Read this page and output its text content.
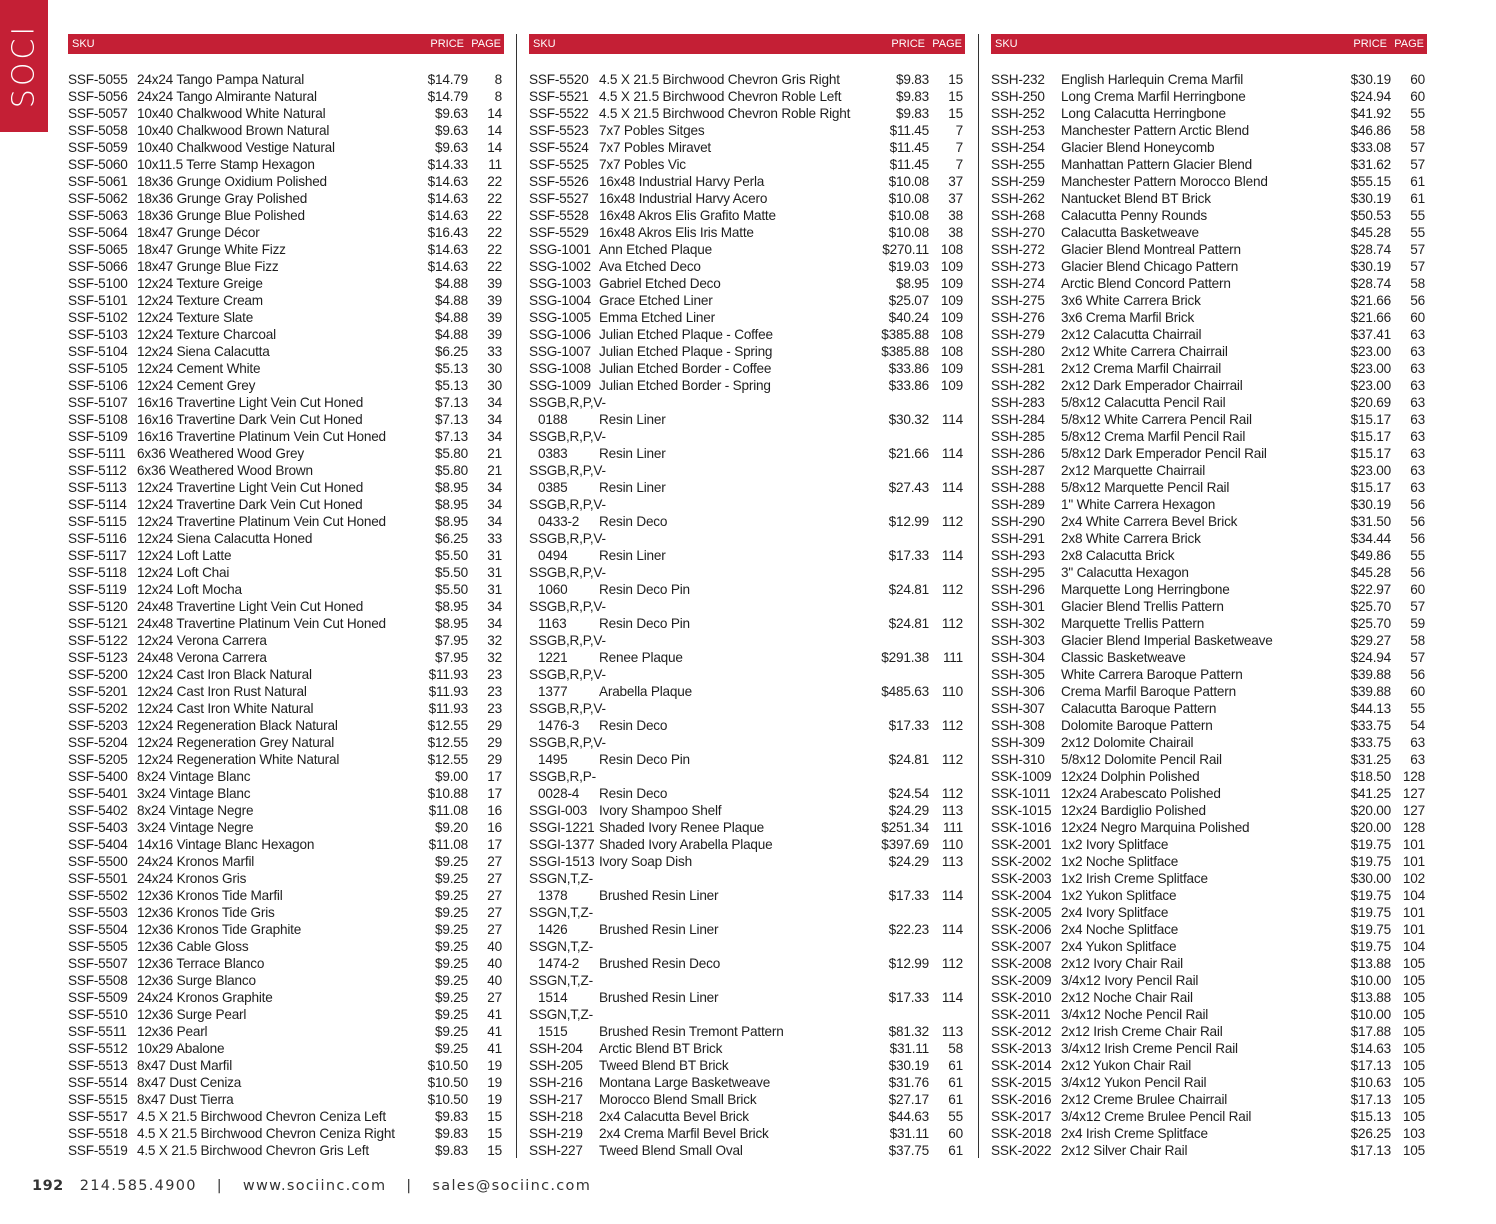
SOCI	SKU	PRICE PAGE
SSF-5055 24x24 Tango Pampa Natural	$14.79 8
SSF-5056 24x24 Tango Almirante Natural	$14.79 8
SSF-5057 10x40 Chalkwood White Natural	$9.63 14
SSF-5058 10x40 Chalkwood Brown Natural	$9.63 14
SSF-5059 10x40 Chalkwood Vestige Natural	$9.63 14
SSF-5060 10x11.5 Terre Stamp Hexagon	$14.33 11
SSF-5061 18x36 Grunge Oxidium Polished	$14.63 22
SSF-5062 18x36 Grunge Gray Polished	$14.63 22
SSF-5063 18x36 Grunge Blue Polished	$14.63 22
SSF-5064 18x47 Grunge Décor	$16.43 22
SSF-5065 18x47 Grunge White Fizz	$14.63 22
SSF-5066 18x47 Grunge Blue Fizz	$14.63 22
SSF-5100 12x24 Texture Greige	$4.88 39
SSF-5101 12x24 Texture Cream	$4.88 39
SSF-5102 12x24 Texture Slate	$4.88 39
SSF-5103 12x24 Texture Charcoal	$4.88 39
SSF-5104 12x24 Siena Calacutta	$6.25 33
SSF-5105 12x24 Cement White	$5.13 30
SSF-5106 12x24 Cement Grey	$5.13 30
SSF-5107 16x16 Travertine Light Vein Cut Honed	$7.13 34
SSF-5108 16x16 Travertine Dark Vein Cut Honed	$7.13 34
SSF-5109 16x16 Travertine Platinum Vein Cut Honed	$7.13 34
SSF-5111 6x36 Weathered Wood Grey	$5.80 21
SSF-5112 6x36 Weathered Wood Brown	$5.80 21
SSF-5113 12x24 Travertine Light Vein Cut Honed	$8.95 34
SSF-5114 12x24 Travertine Dark Vein Cut Honed	$8.95 34
SSF-5115 12x24 Travertine Platinum Vein Cut Honed	$8.95 34
SSF-5116 12x24 Siena Calacutta Honed	$6.25 33
SSF-5117 12x24 Loft Latte	$5.50 31
SSF-5118 12x24 Loft Chai	$5.50 31
SSF-5119 12x24 Loft Mocha	$5.50 31
SSF-5120 24x48 Travertine Light Vein Cut Honed	$8.95 34
SSF-5121 24x48 Travertine Platinum Vein Cut Honed	$8.95 34
SSF-5122 12x24 Verona Carrera	$7.95 32
SSF-5123 24x48 Verona Carrera	$7.95 32
SSF-5200 12x24 Cast Iron Black Natural	$11.93 23
SSF-5201 12x24 Cast Iron Rust Natural	$11.93 23
SSF-5202 12x24 Cast Iron White Natural	$11.93 23
SSF-5203 12x24 Regeneration Black Natural	$12.55 29
SSF-5204 12x24 Regeneration Grey Natural	$12.55 29
SSF-5205 12x24 Regeneration White Natural	$12.55 29
SSF-5400 8x24 Vintage Blanc	$9.00 17
SSF-5401 3x24 Vintage Blanc	$10.88 17
SSF-5402 8x24 Vintage Negre	$11.08 16
SSF-5403 3x24 Vintage Negre	$9.20 16
SSF-5404 14x16 Vintage Blanc Hexagon	$11.08 17
SSF-5500 24x24 Kronos Marfil	$9.25 27
SSF-5501 24x24 Kronos Gris	$9.25 27
SSF-5502 12x36 Kronos Tide Marfil	$9.25 27
SSF-5503 12x36 Kronos Tide Gris	$9.25 27
SSF-5504 12x36 Kronos Tide Graphite	$9.25 27
SSF-5505 12x36 Cable Gloss	$9.25 40
SSF-5507 12x36 Terrace Blanco	$9.25 40
SSF-5508 12x36 Surge Blanco	$9.25 40
SSF-5509 24x24 Kronos Graphite	$9.25 27
SSF-5510 12x36 Surge Pearl	$9.25 41
SSF-5511 12x36 Pearl	$9.25 41
SSF-5512 10x29 Abalone	$9.25 41
SSF-5513 8x47 Dust Marfil	$10.50 19
SSF-5514 8x47 Dust Ceniza	$10.50 19
SSF-5515 8x47 Dust Tierra	$10.50 19
SSF-5517 4.5 X 21.5 Birchwood Chevron Ceniza Left	$9.83 15
SSF-5518 4.5 X 21.5 Birchwood Chevron Ceniza Right	$9.83 15
SSF-5519 4.5 X 21.5 Birchwood Chevron Gris Left	$9.83 15
SKU	PRICE PAGE
SSF-5520 4.5 X 21.5 Birchwood Chevron Gris Right	$9.83 15
SSF-5521 4.5 X 21.5 Birchwood Chevron Roble Left	$9.83 15
SSF-5522 4.5 X 21.5 Birchwood Chevron Roble Right	$9.83 15
SSF-5523 7x7 Pobles Sitges	$11.45 7
SSF-5524 7x7 Pobles Miravet	$11.45 7
SSF-5525 7x7 Pobles Vic	$11.45 7
SSF-5526 16x48 Industrial Harvy Perla	$10.08 37
SSF-5527 16x48 Industrial Harvy Acero	$10.08 37
SSF-5528 16x48 Akros Elis Grafito Matte	$10.08 38
SSF-5529 16x48 Akros Elis Iris Matte	$10.08 38
SSG-1001 Ann Etched Plaque	$270.11 108
SSG-1002 Ava Etched Deco	$19.03 109
SSG-1003 Gabriel Etched Deco	$8.95 109
SSG-1004 Grace Etched Liner	$25.07 109
SSG-1005 Emma Etched Liner	$40.24 109
SSG-1006 Julian Etched Plaque - Coffee	$385.88 108
SSG-1007 Julian Etched Plaque - Spring	$385.88 108
SSG-1008 Julian Etched Border - Coffee	$33.86 109
SSG-1009 Julian Etched Border - Spring	$33.86 109
SSGB,R,P,V-
0188 Resin Liner	$30.32 114
SSGB,R,P,V-
0383 Resin Liner	$21.66 114
SSGB,R,P,V-
0385 Resin Liner	$27.43 114
SSGB,R,P,V-
0433-2 Resin Deco	$12.99 112
SSGB,R,P,V-
0494 Resin Liner	$17.33 114
SSGB,R,P,V-
1060 Resin Deco Pin	$24.81 112
SSGB,R,P,V-
1163 Resin Deco Pin	$24.81 112
SSGB,R,P,V-
1221 Renee Plaque	$291.38 111
SSGB,R,P,V-
1377 Arabella Plaque	$485.63 110
SSGB,R,P,V-
1476-3 Resin Deco	$17.33 112
SSGB,R,P,V-
1495 Resin Deco Pin	$24.81 112
SSGB,R,P-
0028-4 Resin Deco	$24.54 112
SSGI-003 Ivory Shampoo Shelf	$24.29 113
SSGI-1221 Shaded Ivory Renee Plaque	$251.34 111
SSGI-1377 Shaded Ivory Arabella Plaque	$397.69 110
SSGI-1513 Ivory Soap Dish	$24.29 113
SSGN,T,Z-
1378 Brushed Resin Liner	$17.33 114
SSGN,T,Z-
1426 Brushed Resin Liner	$22.23 114
SSGN,T,Z-
1474-2 Brushed Resin Deco	$12.99 112
SSGN,T,Z-
1514 Brushed Resin Liner	$17.33 114
SSGN,T,Z-
1515 Brushed Resin Tremont Pattern	$81.32 113
SSH-204 Arctic Blend BT Brick	$31.11 58
SSH-205 Tweed Blend BT Brick	$30.19 61
SSH-216 Montana Large Basketweave	$31.76 61
SSH-217 Morocco Blend Small Brick	$27.17 61
SSH-218 2x4 Calacutta Bevel Brick	$44.63 55
SSH-219 2x4 Crema Marfil Bevel Brick	$31.11 60
SSH-227 Tweed Blend Small Oval	$37.75 61
SKU	PRICE PAGE
SSH-232 English Harlequin Crema Marfil	$30.19 60
SSH-250 Long Crema Marfil Herringbone	$24.94 60
SSH-252 Long Calacutta Herringbone	$41.92 55
SSH-253 Manchester Pattern Arctic Blend	$46.86 58
SSH-254 Glacier Blend Honeycomb	$33.08 57
SSH-255 Manhattan Pattern Glacier Blend	$31.62 57
SSH-259 Manchester Pattern Morocco Blend	$55.15 61
SSH-262 Nantucket Blend BT Brick	$30.19 61
SSH-268 Calacutta Penny Rounds	$50.53 55
SSH-270 Calacutta Basketweave	$45.28 55
SSH-272 Glacier Blend Montreal Pattern	$28.74 57
SSH-273 Glacier Blend Chicago Pattern	$30.19 57
SSH-274 Arctic Blend Concord Pattern	$28.74 58
SSH-275 3x6 White Carrera Brick	$21.66 56
SSH-276 3x6 Crema Marfil Brick	$21.66 60
SSH-279 2x12 Calacutta Chairrail	$37.41 63
SSH-280 2x12 White Carrera Chairrail	$23.00 63
SSH-281 2x12 Crema Marfil Chairrail	$23.00 63
SSH-282 2x12 Dark Emperador Chairrail	$23.00 63
SSH-283 5/8x12 Calacutta Pencil Rail	$20.69 63
SSH-284 5/8x12 White Carrera Pencil Rail	$15.17 63
SSH-285 5/8x12 Crema Marfil Pencil Rail	$15.17 63
SSH-286 5/8x12 Dark Emperador Pencil Rail	$15.17 63
SSH-287 2x12 Marquette Chairrail	$23.00 63
SSH-288 5/8x12 Marquette Pencil Rail	$15.17 63
SSH-289 1" White Carrera Hexagon	$30.19 56
SSH-290 2x4 White Carrera Bevel Brick	$31.50 56
SSH-291 2x8 White Carrera Brick	$34.44 56
SSH-293 2x8 Calacutta Brick	$49.86 55
SSH-295 3" Calacutta Hexagon	$45.28 56
SSH-296 Marquette Long Herringbone	$22.97 60
SSH-301 Glacier Blend Trellis Pattern	$25.70 57
SSH-302 Marquette Trellis Pattern	$25.70 59
SSH-303 Glacier Blend Imperial Basketweave	$29.27 58
SSH-304 Classic Basketweave	$24.94 57
SSH-305 White Carrera Baroque Pattern	$39.88 56
SSH-306 Crema Marfil Baroque Pattern	$39.88 60
SSH-307 Calacutta Baroque Pattern	$44.13 55
SSH-308 Dolomite Baroque Pattern	$33.75 54
SSH-309 2x12 Dolomite Chairail	$33.75 63
SSH-310 5/8x12 Dolomite Pencil Rail	$31.25 63
SSK-1009 12x24 Dolphin Polished	$18.50 128
SSK-1011 12x24 Arabescato Polished	$41.25 127
SSK-1015 12x24 Bardiglio Polished	$20.00 127
SSK-1016 12x24 Negro Marquina Polished	$20.00 128
SSK-2001 1x2 Ivory Splitface	$19.75 101
SSK-2002 1x2 Noche Splitface	$19.75 101
SSK-2003 1x2 Irish Creme Splitface	$30.00 102
SSK-2004 1x2 Yukon Splitface	$19.75 104
SSK-2005 2x4 Ivory Splitface	$19.75 101
SSK-2006 2x4 Noche Splitface	$19.75 101
SSK-2007 2x4 Yukon Splitface	$19.75 104
SSK-2008 2x12 Ivory Chair Rail	$13.88 105
SSK-2009 3/4x12 Ivory Pencil Rail	$10.00 105
SSK-2010 2x12 Noche Chair Rail	$13.88 105
SSK-2011 3/4x12 Noche Pencil Rail	$10.00 105
SSK-2012 2x12 Irish Creme Chair Rail	$17.88 105
SSK-2013 3/4x12 Irish Creme Pencil Rail	$14.63 105
SSK-2014 2x12 Yukon Chair Rail	$17.13 105
SSK-2015 3/4x12 Yukon Pencil Rail	$10.63 105
SSK-2016 2x12 Creme Brulee Chairrail	$17.13 105
SSK-2017 3/4x12 Creme Brulee Pencil Rail	$15.13 105
SSK-2018 2x4 Irish Creme Splitface	$26.25 103
SSK-2022 2x12 Silver Chair Rail	$17.13 105
192 214.585.4900 | www.sociinc.com | sales@sociinc.com
